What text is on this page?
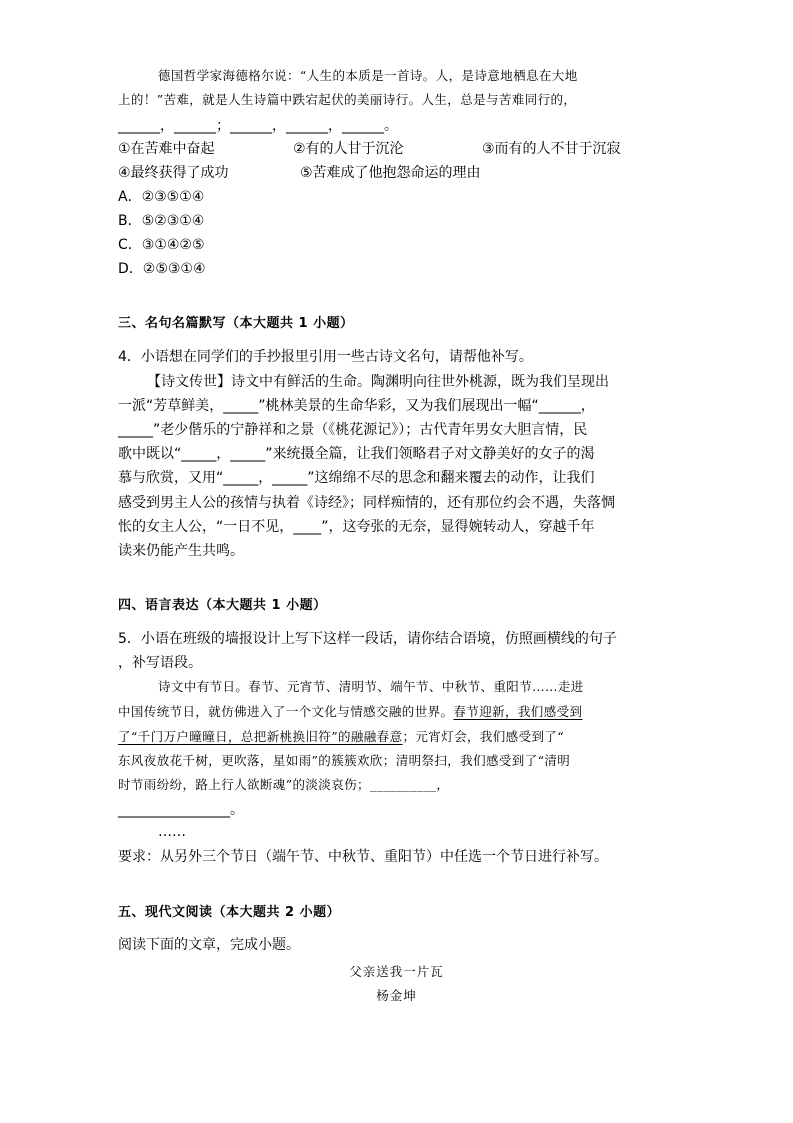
德国哲学家海德格尔说：“人生的本质是一首诗。人，是诗意地栖息在大地

上的！”苦难，就是人生诗篇中跌宕起伏的美丽诗行。人生，总是与苦难同行的，

______，______；______，______，______。

①在苦难中奋起	②有的人甘于沉沦	③而有的人不甘于沉寂
④最终获得了成功	⑤苦难成了他抱怨命运的理由

A．②③⑤①④

B．⑤②③①④

C．③①④②⑤

D．②⑤③①④

三、名句名篇默写（本大题共 1 小题）

4．小语想在同学们的手抄报里引用一些古诗文名句，请帮他补写。

【诗文传世】诗文中有鲜活的生命。陶渊明向往世外桃源，既为我们呈现出

一派“芳草鲜美，_____”桃林美景的生命华彩，又为我们展现出一幅“______，

_____”老少偕乐的宁静祥和之景（《桃花源记》）；古代青年男女大胆言情，民

歌中既以“_____，_____”来统摄全篇，让我们领略君子对文静美好的女子的渴

慕与欣赏，又用“_____，_____”这绵绵不尽的思念和翻来覆去的动作，让我们

感受到男主人公的孩情与执着《诗经》；同样痴情的，还有那位约会不遇，失落惆

怅的女主人公，“一日不见，____”，这夸张的无奈，显得婉转动人，穿越千年

读来仍能产生共鸣。

四、语言表达（本大题共 1 小题）

5．小语在班级的墙报设计上写下这样一段话，请你结合语境，仿照画横线的句子

，补写语段。

诗文中有节日。春节、元宵节、清明节、端午节、中秋节、重阳节……走进

中国传统节日，就仿佛进入了一个文化与情感交融的世界。春节迎新，我们感受到

了“千门万户曈曈日，总把新桃换旧符”的融融春意；元宵灯会，我们感受到了“

东风夜放花千树，更吹落，星如雨”的簇簇欢欣；清明祭扫，我们感受到了“清明

时节雨纷纷，路上行人欲断魂”的淡淡哀伤；__________，

________________。

……

要求：从另外三个节日（端午节、中秋节、重阳节）中任选一个节日进行补写。

五、现代文阅读（本大题共 2 小题）

阅读下面的文章，完成小题。

父亲送我一片瓦
杨金坤
